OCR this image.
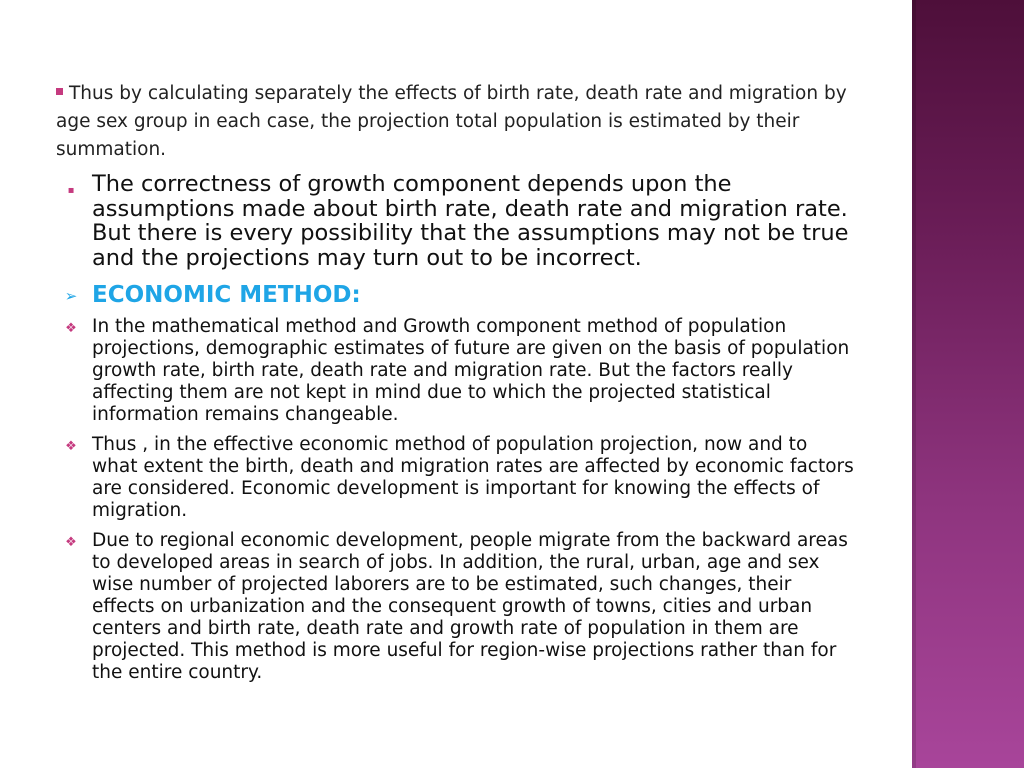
Thus by calculating separately the effects of birth rate, death rate and migration by age sex group in each case, the projection total population is estimated by their summation.
▪ The correctness of growth component depends upon the assumptions made about birth rate, death rate and migration rate. But there is every possibility that the assumptions may not be true and the projections may turn out to be incorrect.
➢ ECONOMIC METHOD:
❖ In the mathematical method and Growth component method of population projections, demographic estimates of future are given on the basis of population growth rate, birth rate, death rate and migration rate. But the factors really affecting them are not kept in mind due to which the projected statistical information remains changeable.
❖ Thus , in the effective economic method of population projection, now and to what extent the birth, death and migration rates are affected by economic factors are considered. Economic development is important for knowing the effects of migration.
❖ Due to regional economic development, people migrate from the backward areas to developed areas in search of jobs. In addition, the rural, urban, age and sex wise number of projected laborers are to be estimated, such changes, their effects on urbanization and the consequent growth of towns, cities and urban centers and birth rate, death rate and growth rate of population in them are projected. This method is more useful for region-wise projections rather than for the entire country.
